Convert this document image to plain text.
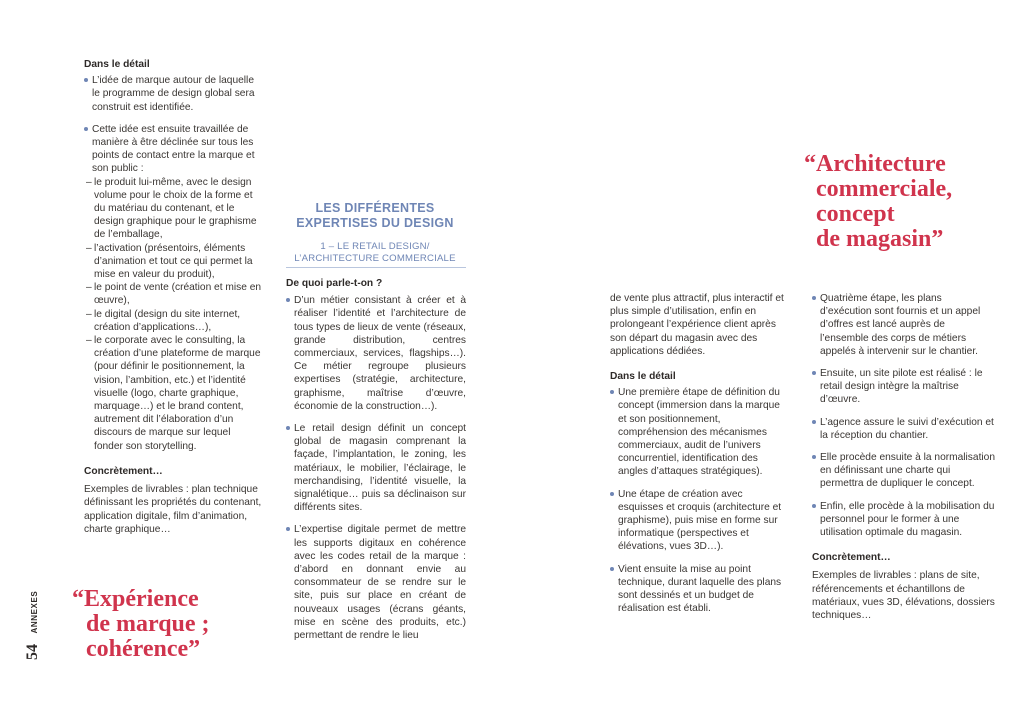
Dans le détail

L’idée de marque autour de laquelle le programme de design global sera construit est identifiée.

Cette idée est ensuite travaillée de manière à être déclinée sur tous les points de contact entre la marque et son public :

– le produit lui-même, avec le design volume pour le choix de la forme et du matériau du contenant, et le design graphique pour le graphisme de l’emballage,

– l’activation (présentoirs, éléments d’animation et tout ce qui permet la mise en valeur du produit),

– le point de vente (création et mise en œuvre),

– le digital (design du site internet, création d’applications…),

– le corporate avec le consulting, la création d’une plateforme de marque (pour définir le positionnement, la vision, l’ambition, etc.) et l’identité visuelle (logo, charte graphique, marquage…) et le brand content, autrement dit l’élaboration d’un discours de marque sur lequel fonder son storytelling.

Concrètement…

Exemples de livrables : plan technique définissant les propriétés du contenant, application digitale, film d’animation, charte graphique…

“Expérience
de marque ;
cohérence”
54 ANNEXES
LES DIFFÉRENTES
EXPERTISES DU DESIGN
1 – LE RETAIL DESIGN/
L’ARCHITECTURE COMMERCIALE

De quoi parle-t-on ?

D’un métier consistant à créer et à réaliser l’identité et l’architecture de tous types de lieux de vente (réseaux, grande distribution, centres commerciaux, services, flagships…). Ce métier regroupe plusieurs expertises (stratégie, architecture, graphisme, maîtrise d’œuvre, économie de la construction…).

Le retail design définit un concept global de magasin comprenant la façade, l’implantation, le zoning, les matériaux, le mobilier, l’éclairage, le merchandising, l’identité visuelle, la signalétique… puis sa déclinaison sur différents sites.

L’expertise digitale permet de mettre les supports digitaux en cohérence avec les codes retail de la marque : d’abord en donnant envie au consommateur de se rendre sur le site, puis sur place en créant de nouveaux usages (écrans géants, mise en scène des produits, etc.) permettant de rendre le lieu

“Architecture
commerciale,
concept
de magasin”

de vente plus attractif, plus interactif et plus simple d’utilisation, enfin en prolongeant l’expérience client après son départ du magasin avec des applications dédiées.

Dans le détail

Une première étape de définition du concept (immersion dans la marque et son positionnement, compréhension des mécanismes commerciaux, audit de l’univers concurrentiel, identification des angles d’attaques stratégiques).

Une étape de création avec esquisses et croquis (architecture et graphisme), puis mise en forme sur informatique (perspectives et élévations, vues 3D…).

Vient ensuite la mise au point technique, durant laquelle des plans sont dessinés et un budget de réalisation est établi.

Quatrième étape, les plans d’exécution sont fournis et un appel d’offres est lancé auprès de l’ensemble des corps de métiers appelés à intervenir sur le chantier.

Ensuite, un site pilote est réalisé : le retail design intègre la maîtrise d’œuvre.

L’agence assure le suivi d’exécution et la réception du chantier.

Elle procède ensuite à la normalisation en définissant une charte qui permettra de dupliquer le concept.

Enfin, elle procède à la mobilisation du personnel pour le former à une utilisation optimale du magasin.

Concrètement…

Exemples de livrables : plans de site, référencements et échantillons de matériaux, vues 3D, élévations, dossiers techniques…
